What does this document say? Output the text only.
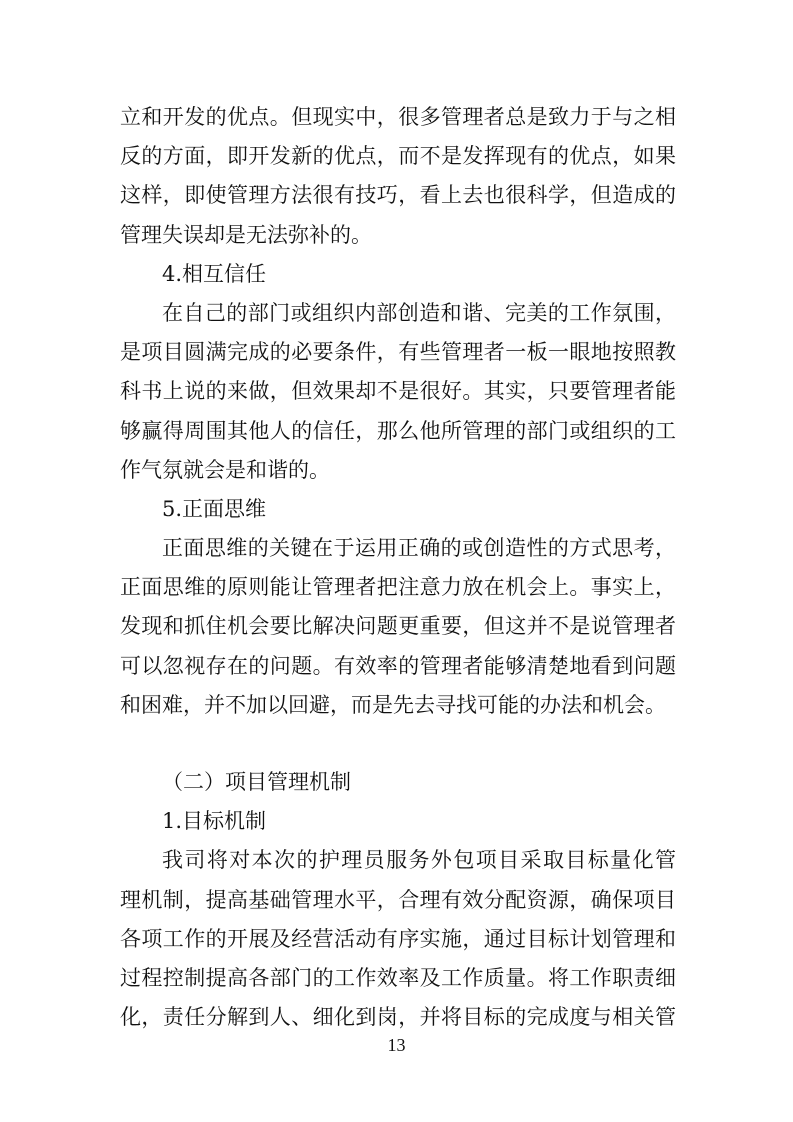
立和开发的优点。但现实中，很多管理者总是致力于与之相
反的方面，即开发新的优点，而不是发挥现有的优点，如果
这样，即使管理方法很有技巧，看上去也很科学，但造成的
管理失误却是无法弥补的。
4.相互信任
在自己的部门或组织内部创造和谐、完美的工作氛围，
是项目圆满完成的必要条件，有些管理者一板一眼地按照教
科书上说的来做，但效果却不是很好。其实，只要管理者能
够赢得周围其他人的信任，那么他所管理的部门或组织的工
作气氛就会是和谐的。
5.正面思维
正面思维的关键在于运用正确的或创造性的方式思考，
正面思维的原则能让管理者把注意力放在机会上。事实上，
发现和抓住机会要比解决问题更重要，但这并不是说管理者
可以忽视存在的问题。有效率的管理者能够清楚地看到问题
和困难，并不加以回避，而是先去寻找可能的办法和机会。
（二）项目管理机制
1.目标机制
我司将对本次的护理员服务外包项目采取目标量化管
理机制，提高基础管理水平，合理有效分配资源，确保项目
各项工作的开展及经营活动有序实施，通过目标计划管理和
过程控制提高各部门的工作效率及工作质量。将工作职责细
化，责任分解到人、细化到岗，并将目标的完成度与相关管
13
